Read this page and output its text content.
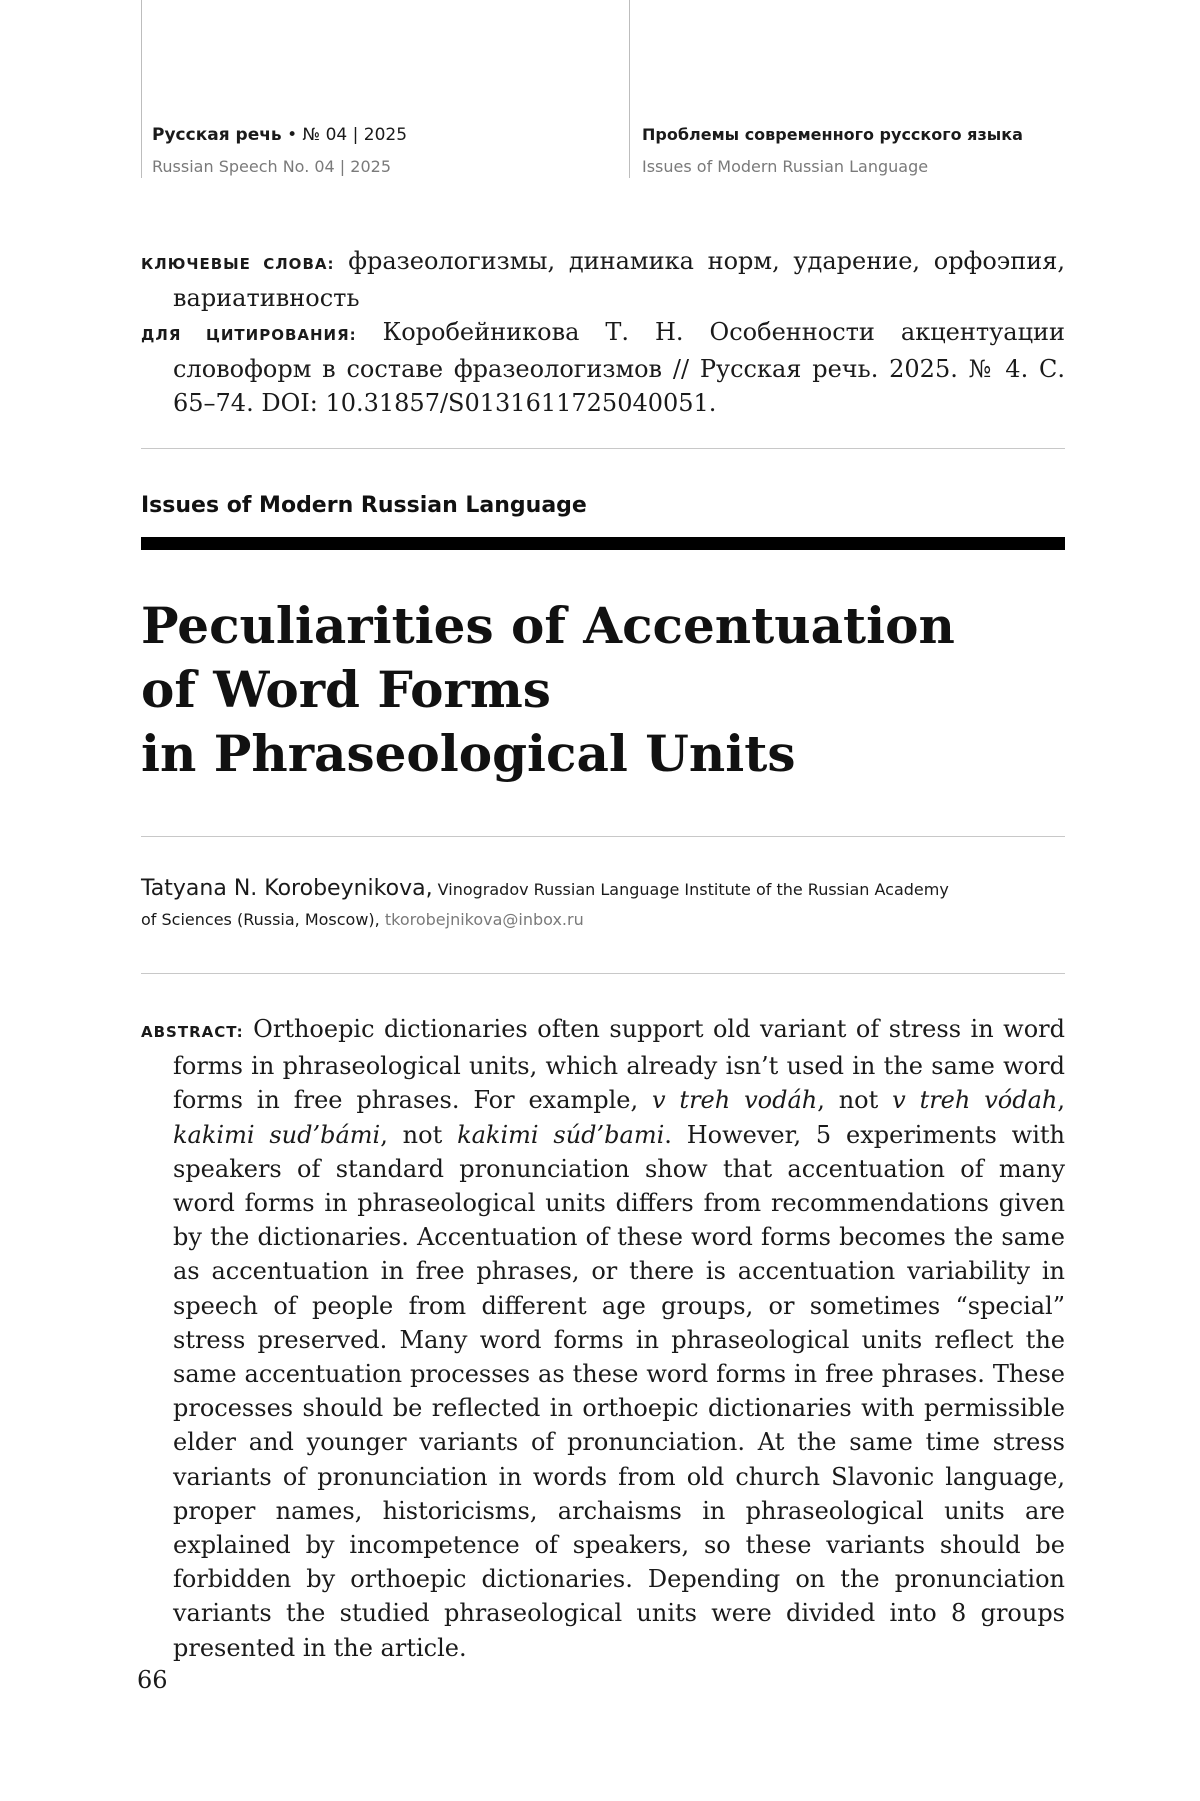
Русская речь • № 04 | 2025
Russian Speech No. 04 | 2025
Проблемы современного русского языка
Issues of Modern Russian Language

КЛЮЧЕВЫЕ СЛОВА: фразеологизмы, динамика норм, ударение, орфоэпия, вариативность

ДЛЯ ЦИТИРОВАНИЯ: Коробейникова Т. Н. Особенности акцентуации словоформ в составе фразеологизмов // Русская речь. 2025. № 4. С. 65–74. DOI: 10.31857/S0131611725040051.

Issues of Modern Russian Language
Peculiarities of Accentuation
of Word Forms
in Phraseological Units
Tatyana N. Korobeynikova, Vinogradov Russian Language Institute of the Russian Academy
of Sciences (Russia, Moscow), tkorobejnikova@inbox.ru

ABSTRACT: Orthoepic dictionaries often support old variant of stress in word forms in phraseological units, which already isn’t used in the same word forms in free phrases. For example, v treh vodáh, not v treh vódah, kakimi sud’bámi, not kakimi súd’bami. However, 5 experiments with speakers of standard pronunciation show that accentuation of many word forms in phraseological units differs from recommendations given by the dictionaries. Accentuation of these word forms becomes the same as accentuation in free phrases, or there is accentuation variability in speech of people from different age groups, or sometimes “special” stress preserved. Many word forms in phraseological units reflect the same accentuation processes as these word forms in free phrases. These processes should be reflected in orthoepic dictionaries with permissible elder and younger variants of pronunciation. At the same time stress variants of pronunciation in words from old church Slavonic language, proper names, historicisms, archaisms in phraseological units are explained by incompetence of speakers, so these variants should be forbidden by orthoepic dictionaries. Depending on the pronunciation variants the studied phraseological units were divided into 8 groups presented in the article.

66
